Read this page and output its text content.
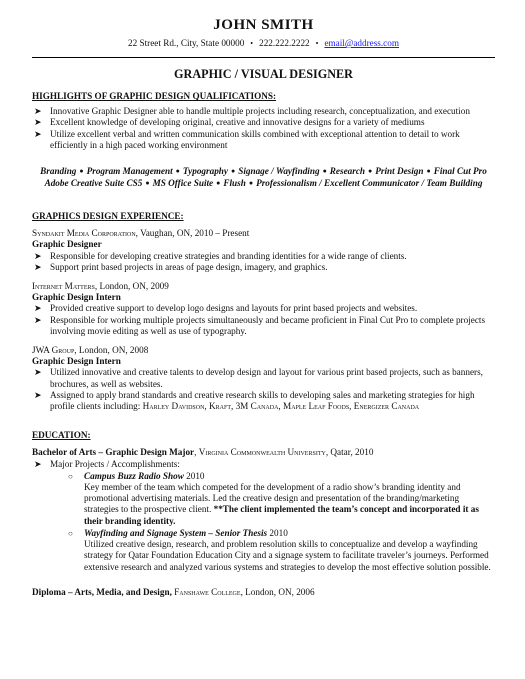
JOHN SMITH
22 Street Rd., City, State 00000 • 222.222.2222 • email@address.com
GRAPHIC / VISUAL DESIGNER
HIGHLIGHTS OF GRAPHIC DESIGN QUALIFICATIONS:
➤ Innovative Graphic Designer able to handle multiple projects including research, conceptualization, and execution
➤ Excellent knowledge of developing original, creative and innovative designs for a variety of mediums
➤ Utilize excellent verbal and written communication skills combined with exceptional attention to detail to work efficiently in a high paced working environment
Branding ● Program Management ● Typography ● Signage / Wayfinding ● Research ● Print Design ● Final Cut Pro
Adobe Creative Suite CS5 ● MS Office Suite ● Flush ● Professionalism / Excellent Communicator / Team Building
GRAPHICS DESIGN EXPERIENCE:
Syndakit Media Corporation, Vaughan, ON, 2010 – Present
Graphic Designer
➤ Responsible for developing creative strategies and branding identities for a wide range of clients.
➤ Support print based projects in areas of page design, imagery, and graphics.
Internet Matters, London, ON, 2009
Graphic Design Intern
➤ Provided creative support to develop logo designs and layouts for print based projects and websites.
➤ Responsible for working multiple projects simultaneously and became proficient in Final Cut Pro to complete projects involving movie editing as well as use of typography.
JWA Group, London, ON, 2008
Graphic Design Intern
➤ Utilized innovative and creative talents to develop design and layout for various print based projects, such as banners, brochures, as well as websites.
➤ Assigned to apply brand standards and creative research skills to developing sales and marketing strategies for high profile clients including: Harley Davidson, Kraft, 3M Canada, Maple Leaf Foods, Energizer Canada
EDUCATION:
Bachelor of Arts – Graphic Design Major, Virginia Commonwealth University, Qatar, 2010
➤ Major Projects / Accomplishments:
○ Campus Buzz Radio Show 2010
Key member of the team which competed for the development of a radio show’s branding identity and promotional advertising materials. Led the creative design and presentation of the branding/marketing strategies to the prospective client. **The client implemented the team’s concept and incorporated it as their branding identity.
○ Wayfinding and Signage System – Senior Thesis 2010
Utilized creative design, research, and problem resolution skills to conceptualize and develop a wayfinding strategy for Qatar Foundation Education City and a signage system to facilitate traveler’s journeys. Performed extensive research and analyzed various systems and strategies to develop the most effective solution possible.
Diploma – Arts, Media, and Design, Fanshawe College, London, ON, 2006
